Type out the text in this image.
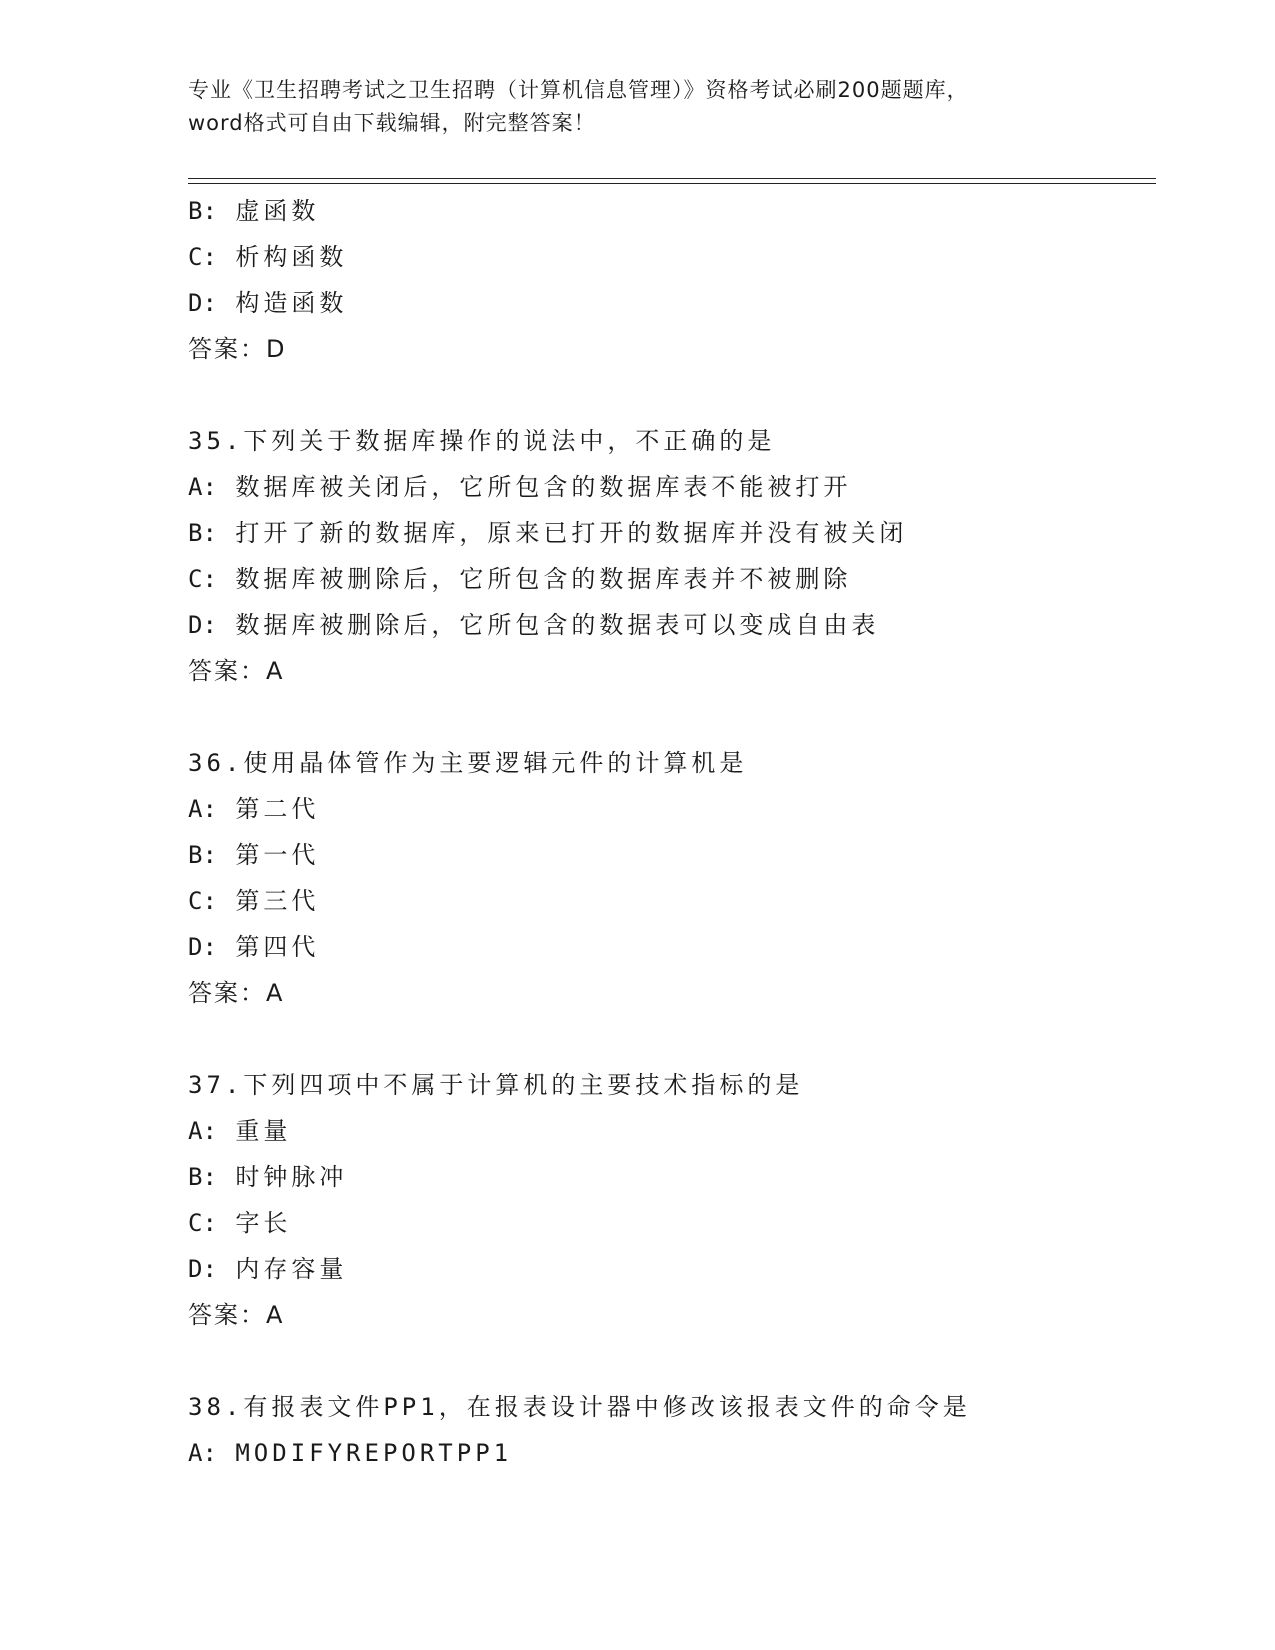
专业《卫生招聘考试之卫生招聘（计算机信息管理）》资格考试必刷200题题库，
word格式可自由下载编辑，附完整答案！
B: 虚函数
C: 析构函数
D: 构造函数
答案：D
35.下列关于数据库操作的说法中，不正确的是
A: 数据库被关闭后，它所包含的数据库表不能被打开
B: 打开了新的数据库，原来已打开的数据库并没有被关闭
C: 数据库被删除后，它所包含的数据库表并不被删除
D: 数据库被删除后，它所包含的数据表可以变成自由表
答案：A
36.使用晶体管作为主要逻辑元件的计算机是
A: 第二代
B: 第一代
C: 第三代
D: 第四代
答案：A
37.下列四项中不属于计算机的主要技术指标的是
A: 重量
B: 时钟脉冲
C: 字长
D: 内存容量
答案：A
38.有报表文件PP1，在报表设计器中修改该报表文件的命令是
A: MODIFYREPORTPP1
